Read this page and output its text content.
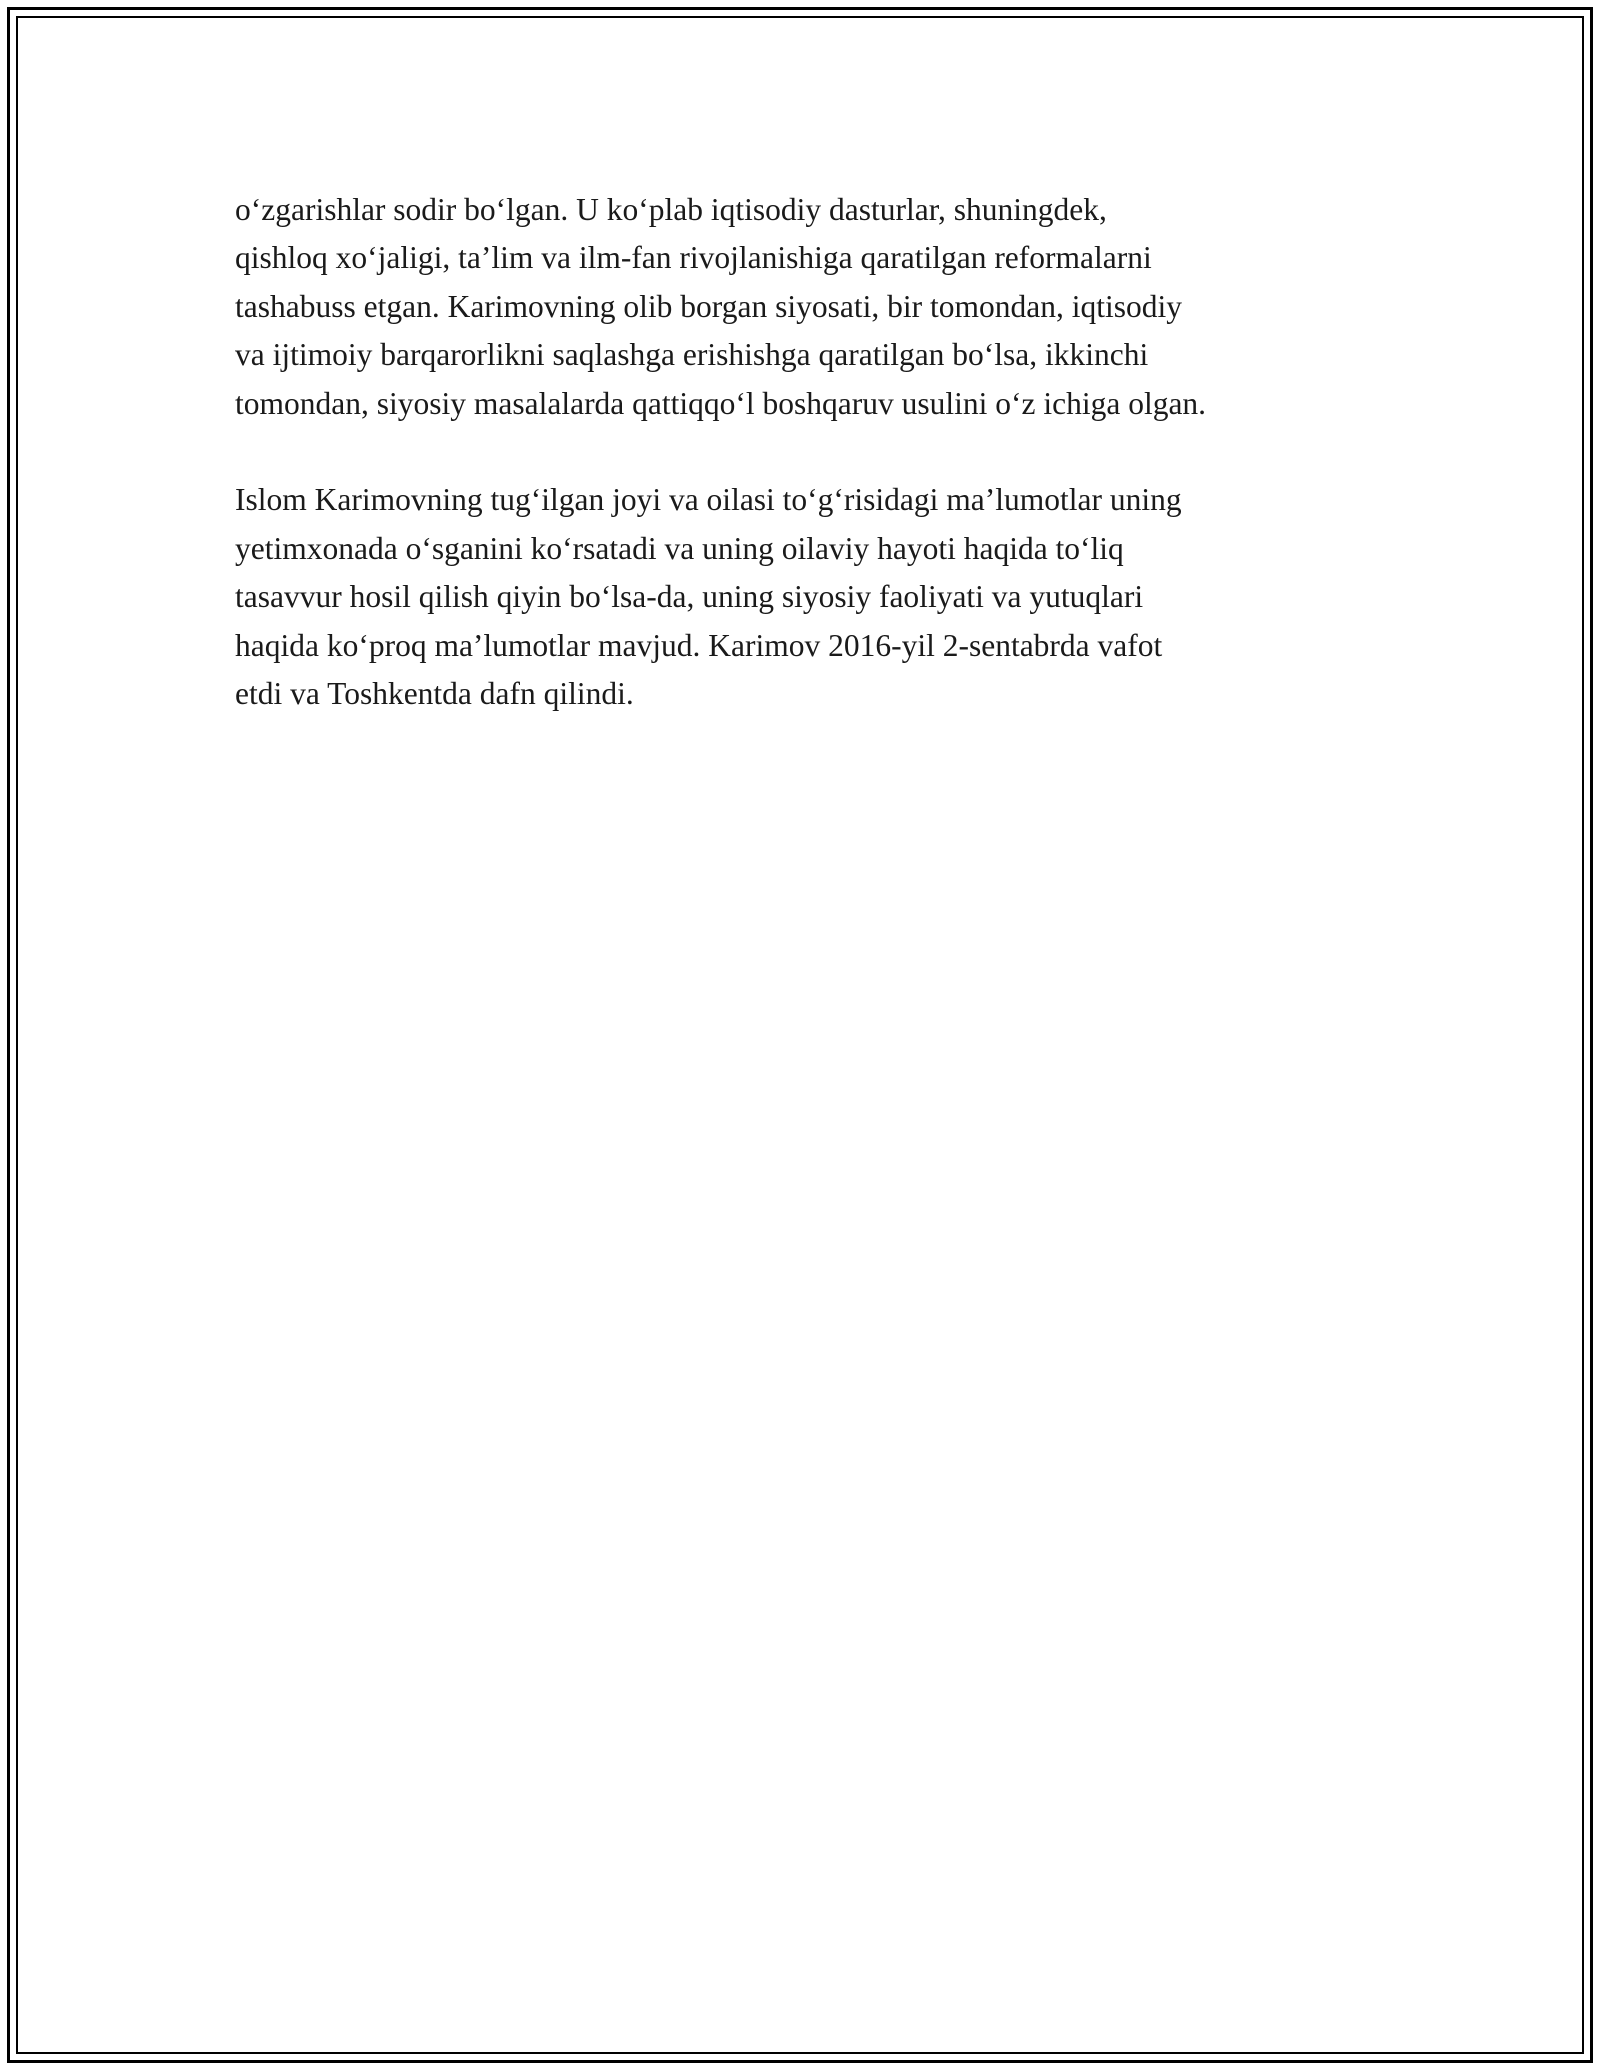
oʻzgarishlar sodir boʻlgan. U koʻplab iqtisodiy dasturlar, shuningdek,
qishloq xoʻjaligi, taʼlim va ilm-fan rivojlanishiga qaratilgan reformalarni
tashabuss etgan. Karimovning olib borgan siyosati, bir tomondan, iqtisodiy
va ijtimoiy barqarorlikni saqlashga erishishga qaratilgan boʻlsa, ikkinchi
tomondan, siyosiy masalalarda qattiqqoʻl boshqaruv usulini oʻz ichiga olgan.

Islom Karimovning tugʻilgan joyi va oilasi toʻgʻrisidagi maʼlumotlar uning
yetimxonada oʻsganini koʻrsatadi va uning oilaviy hayoti haqida toʻliq
tasavvur hosil qilish qiyin boʻlsa-da, uning siyosiy faoliyati va yutuqlari
haqida koʻproq maʼlumotlar mavjud. Karimov 2016-yil 2-sentabrda vafot
etdi va Toshkentda dafn qilindi.
